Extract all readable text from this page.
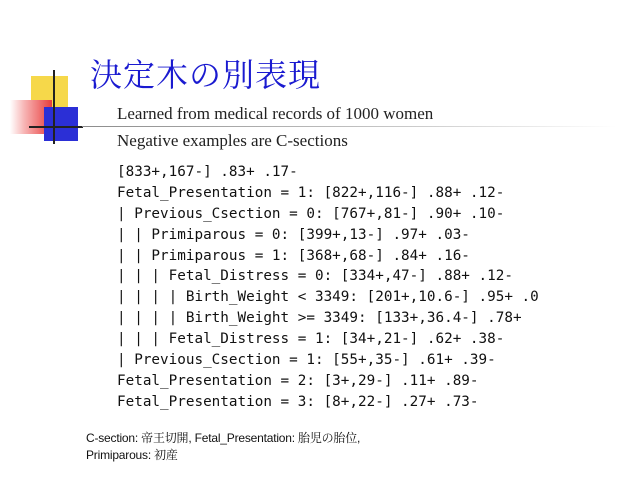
決定木の別表現
Learned from medical records of 1000 women
Negative examples are C-sections
[833+,167-] .83+ .17-
Fetal_Presentation = 1: [822+,116-] .88+ .12-
| Previous_Csection = 0: [767+,81-] .90+ .10-
| | Primiparous = 0: [399+,13-] .97+ .03-
| | Primiparous = 1: [368+,68-] .84+ .16-
| | | Fetal_Distress = 0: [334+,47-] .88+ .12-
| | | | Birth_Weight < 3349: [201+,10.6-] .95+ .0
| | | | Birth_Weight >= 3349: [133+,36.4-] .78+
| | | Fetal_Distress = 1: [34+,21-] .62+ .38-
| Previous_Csection = 1: [55+,35-] .61+ .39-
Fetal_Presentation = 2: [3+,29-] .11+ .89-
Fetal_Presentation = 3: [8+,22-] .27+ .73-
C-section: 帝王切開, Fetal_Presentation: 胎児の胎位,
Primiparous: 初産
